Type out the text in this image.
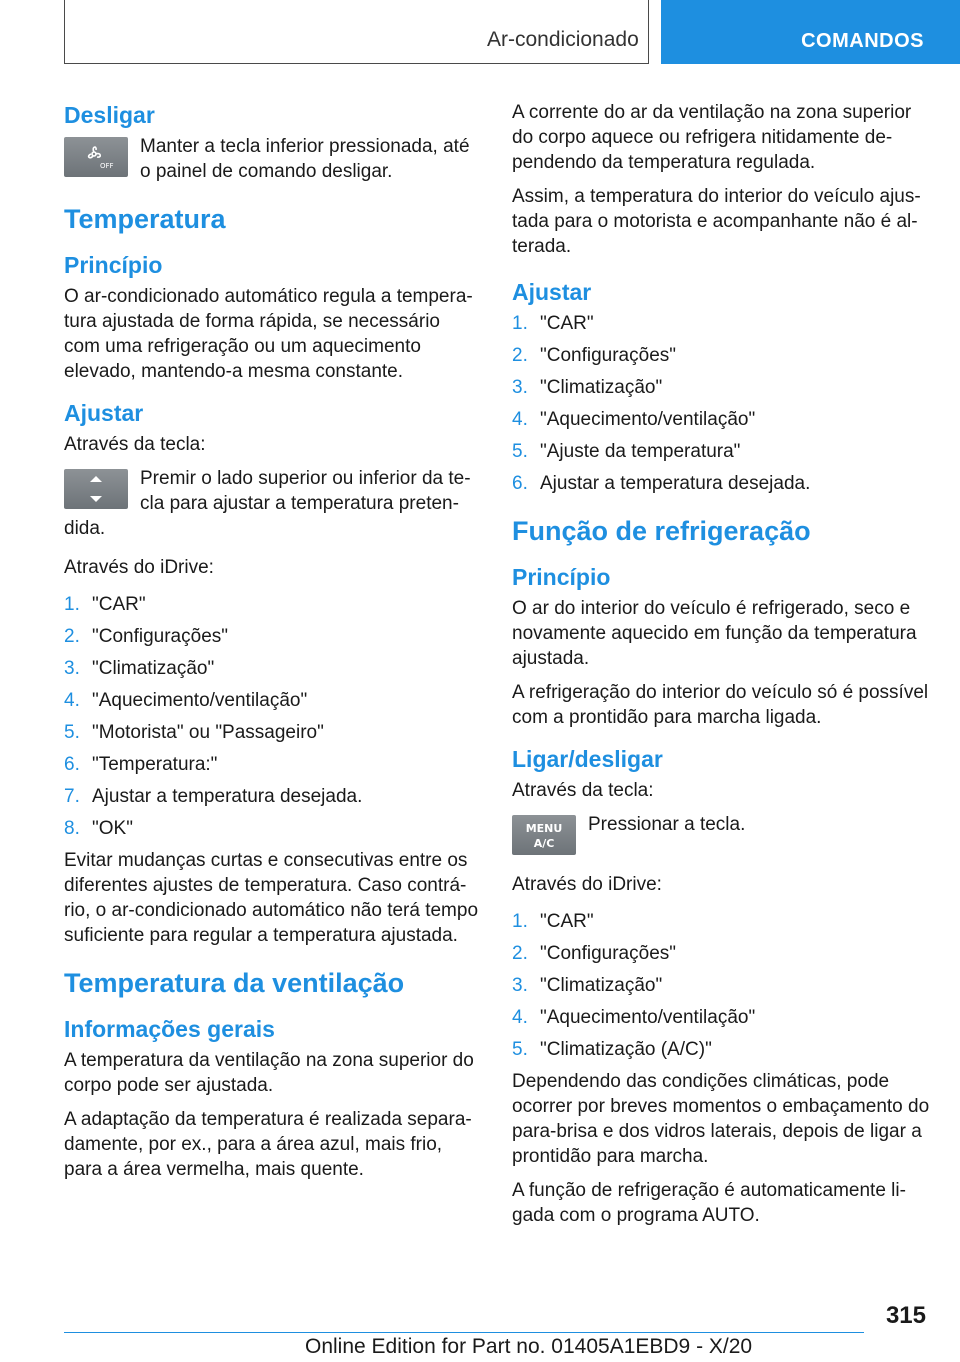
Ar-condicionado	COMANDOS
Desligar
OFF
Manter a tecla inferior pressionada, até o painel de comando desligar.
Temperatura
Princípio
O ar-condicionado automático regula a tempera-tura ajustada de forma rápida, se necessário com uma refrigeração ou um aquecimento elevado, mantendo-a mesma constante.
Ajustar
Através da tecla:
Premir o lado superior ou inferior da te-cla para ajustar a temperatura preten-dida.
Através do iDrive:
1. "CAR"
2. "Configurações"
3. "Climatização"
4. "Aquecimento/ventilação"
5. "Motorista" ou "Passageiro"
6. "Temperatura:"
7. Ajustar a temperatura desejada.
8. "OK"
Evitar mudanças curtas e consecutivas entre os diferentes ajustes de temperatura. Caso contrá-rio, o ar-condicionado automático não terá tempo suficiente para regular a temperatura ajustada.
Temperatura da ventilação
Informações gerais
A temperatura da ventilação na zona superior do corpo pode ser ajustada.
A adaptação da temperatura é realizada separa-damente, por ex., para a área azul, mais frio, para a área vermelha, mais quente.
A corrente do ar da ventilação na zona superior do corpo aquece ou refrigera nitidamente de-pendendo da temperatura regulada.
Assim, a temperatura do interior do veículo ajus-tada para o motorista e acompanhante não é al-terada.
Ajustar
1. "CAR"
2. "Configurações"
3. "Climatização"
4. "Aquecimento/ventilação"
5. "Ajuste da temperatura"
6. Ajustar a temperatura desejada.
Função de refrigeração
Princípio
O ar do interior do veículo é refrigerado, seco e novamente aquecido em função da temperatura ajustada.
A refrigeração do interior do veículo só é possível com a prontidão para marcha ligada.
Ligar/desligar
Através da tecla:
MENU
A/C
Pressionar a tecla.
Através do iDrive:
1. "CAR"
2. "Configurações"
3. "Climatização"
4. "Aquecimento/ventilação"
5. "Climatização (A/C)"
Dependendo das condições climáticas, pode ocorrer por breves momentos o embaçamento do para-brisa e dos vidros laterais, depois de ligar a prontidão para marcha.
A função de refrigeração é automaticamente li-gada com o programa AUTO.
315
Online Edition for Part no. 01405A1EBD9 - X/20
